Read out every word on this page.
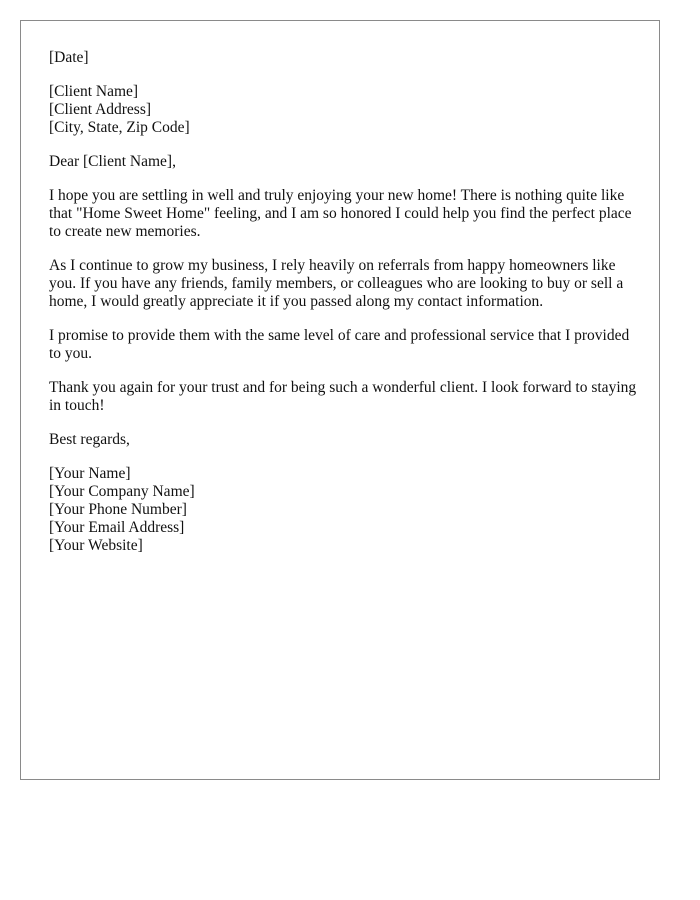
[Date]
[Client Name]
[Client Address]
[City, State, Zip Code]
Dear [Client Name],

I hope you are settling in well and truly enjoying your new home! There is nothing quite like that "Home Sweet Home" feeling, and I am so honored I could help you find the perfect place to create new memories.

As I continue to grow my business, I rely heavily on referrals from happy homeowners like you. If you have any friends, family members, or colleagues who are looking to buy or sell a home, I would greatly appreciate it if you passed along my contact information.

I promise to provide them with the same level of care and professional service that I provided to you.

Thank you again for your trust and for being such a wonderful client. I look forward to staying in touch!

Best regards,
[Your Name]
[Your Company Name]
[Your Phone Number]
[Your Email Address]
[Your Website]
